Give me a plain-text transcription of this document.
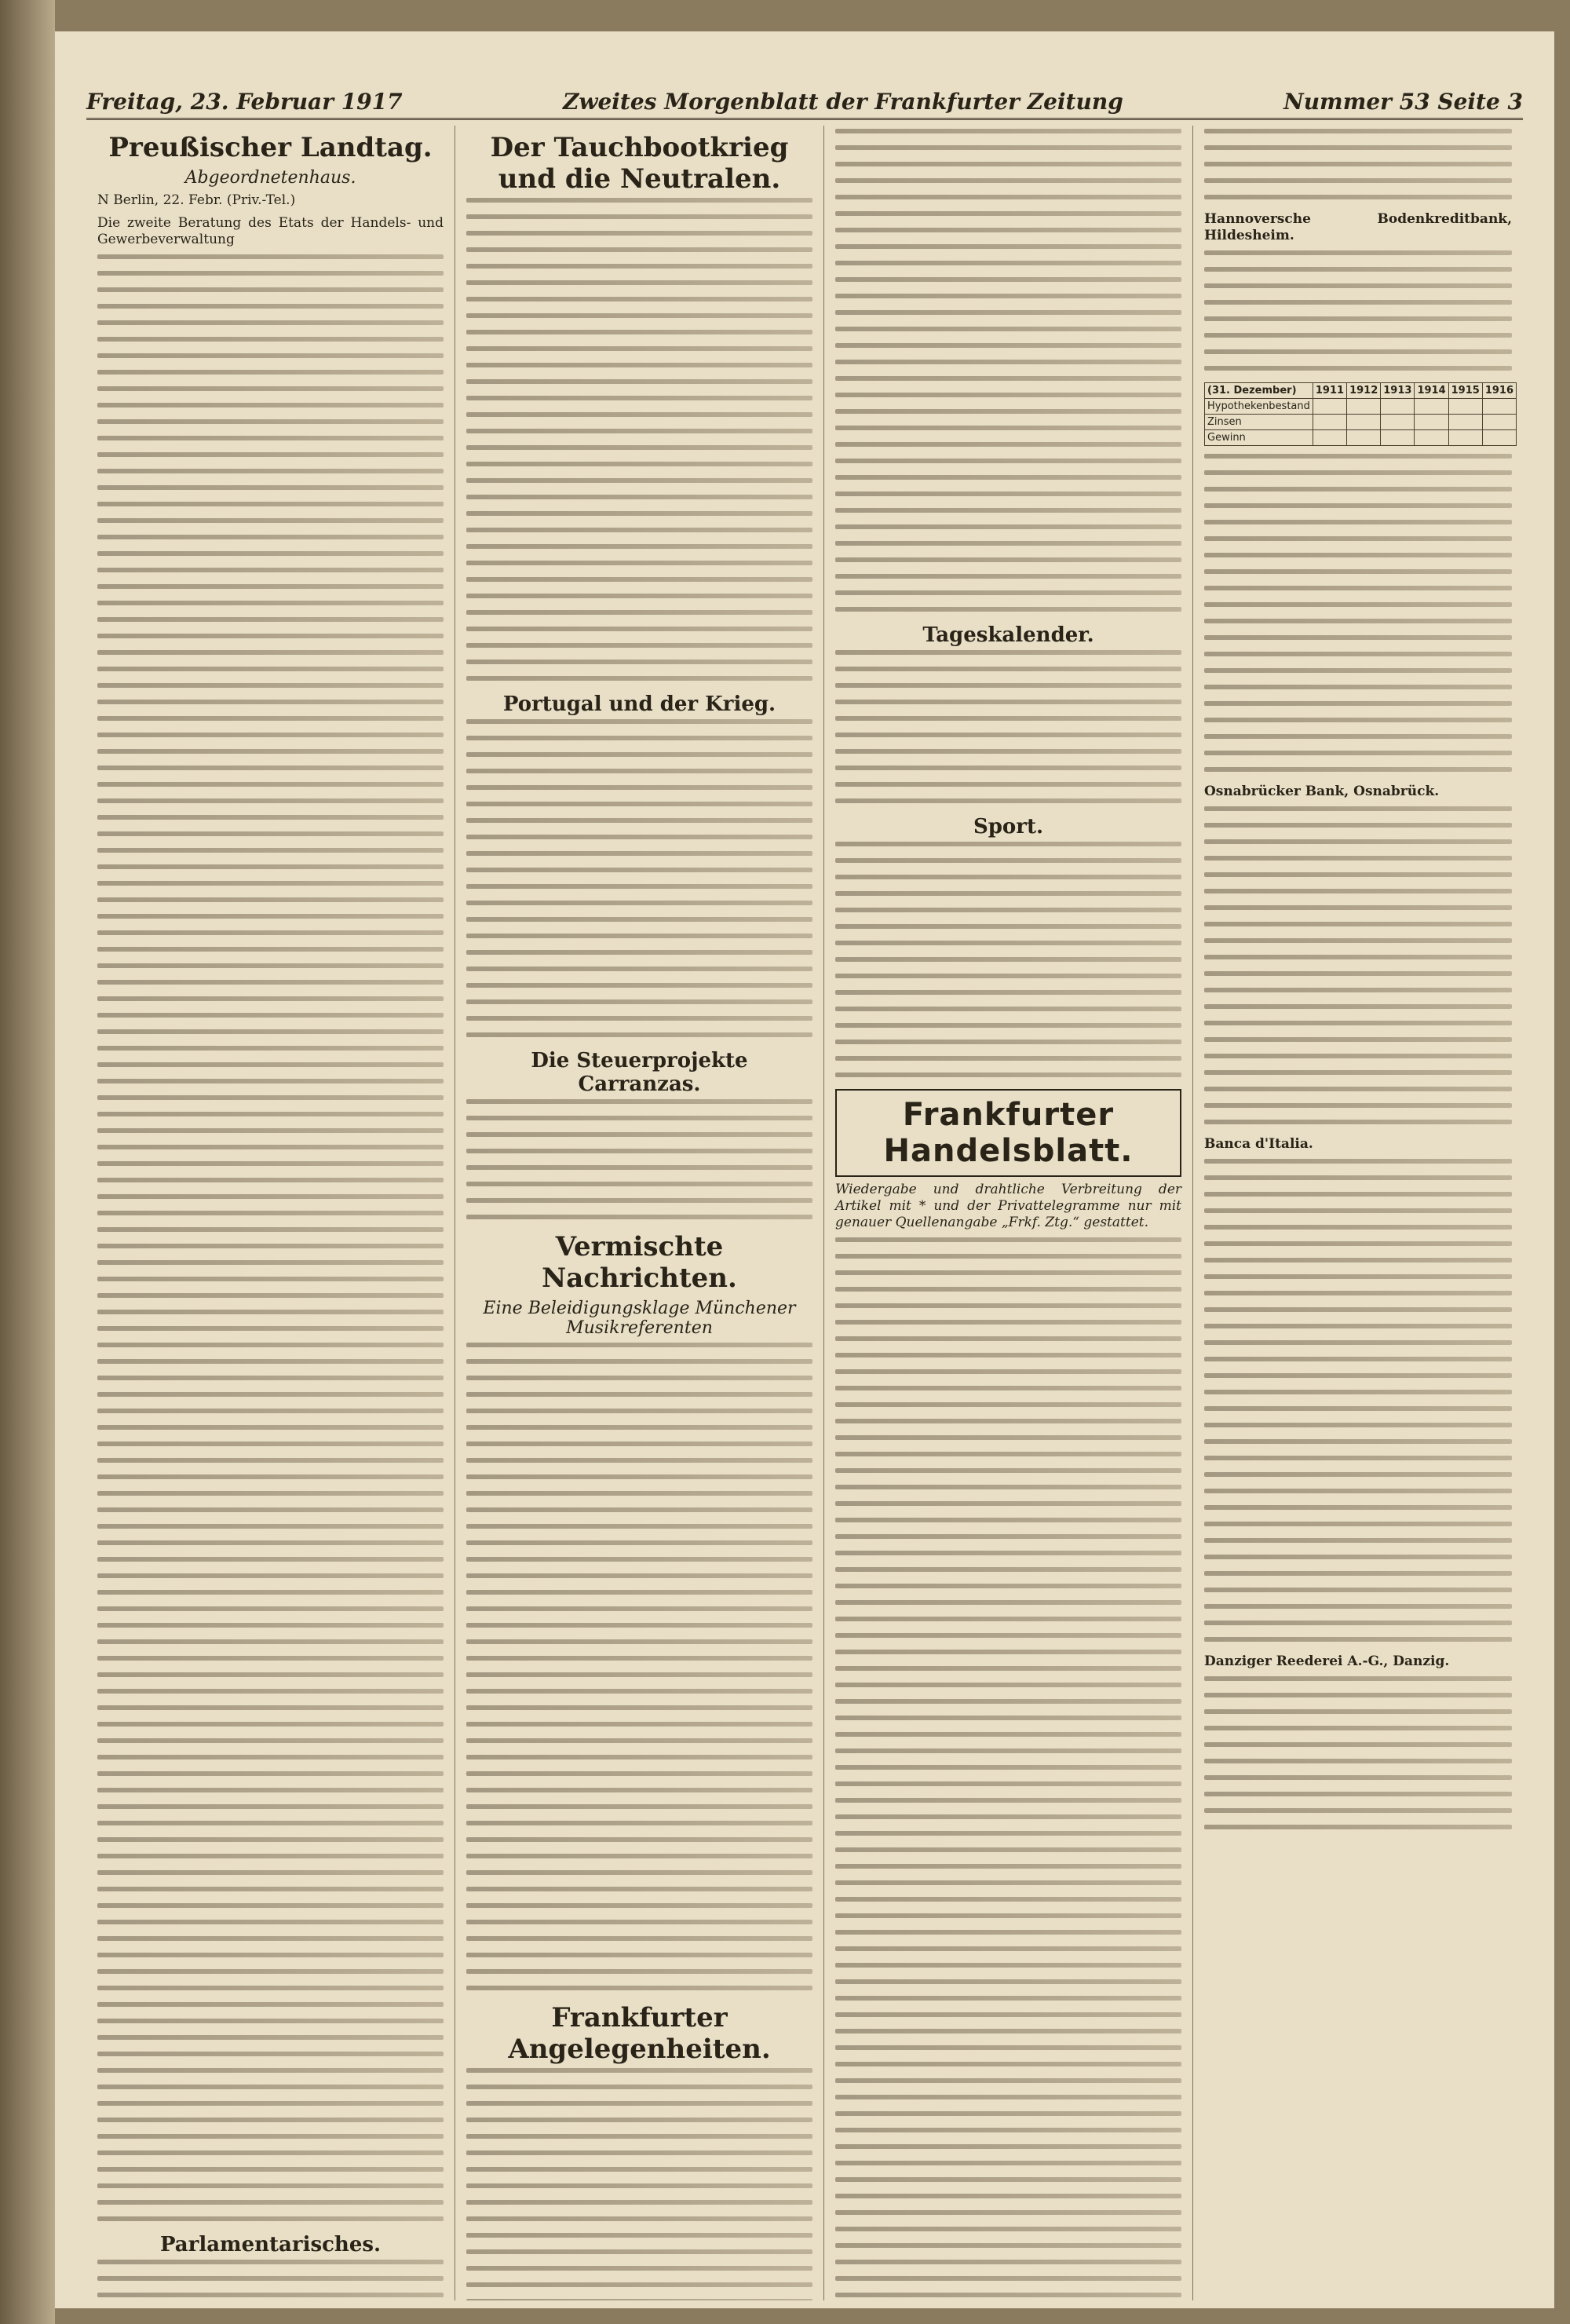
Freitag, 23. Februar 1917	Zweites Morgenblatt der Frankfurter Zeitung	Nummer 53 Seite 3
Preußischer Landtag.
Abgeordnetenhaus.

N Berlin, 22. Febr. (Priv.-Tel.)

Die zweite Beratung des Etats der Handels- und Gewerbeverwaltung

Parlamentarisches.
Der Tauchbootkrieg und die Neutralen.
Portugal und der Krieg.
Die Steuerprojekte Carranzas.
Vermischte Nachrichten.
Eine Beleidigungsklage Münchener Musikreferenten
Frankfurter Angelegenheiten.
Tageskalender.
Sport.
Frankfurter Handelsblatt.

Wiedergabe und drahtliche Verbreitung der Artikel mit * und der Privattelegramme nur mit genauer Quellenangabe „Frkf. Ztg.“ gestattet.

Hannoversche Bodenkreditbank, Hildesheim.

(31. Dezember)	1911	1912	1913	1914	1915	1916
Hypothekenbestand						
Zinsen						
Gewinn						

Osnabrücker Bank, Osnabrück.

Banca d'Italia.

Danziger Reederei A.-G., Danzig.
